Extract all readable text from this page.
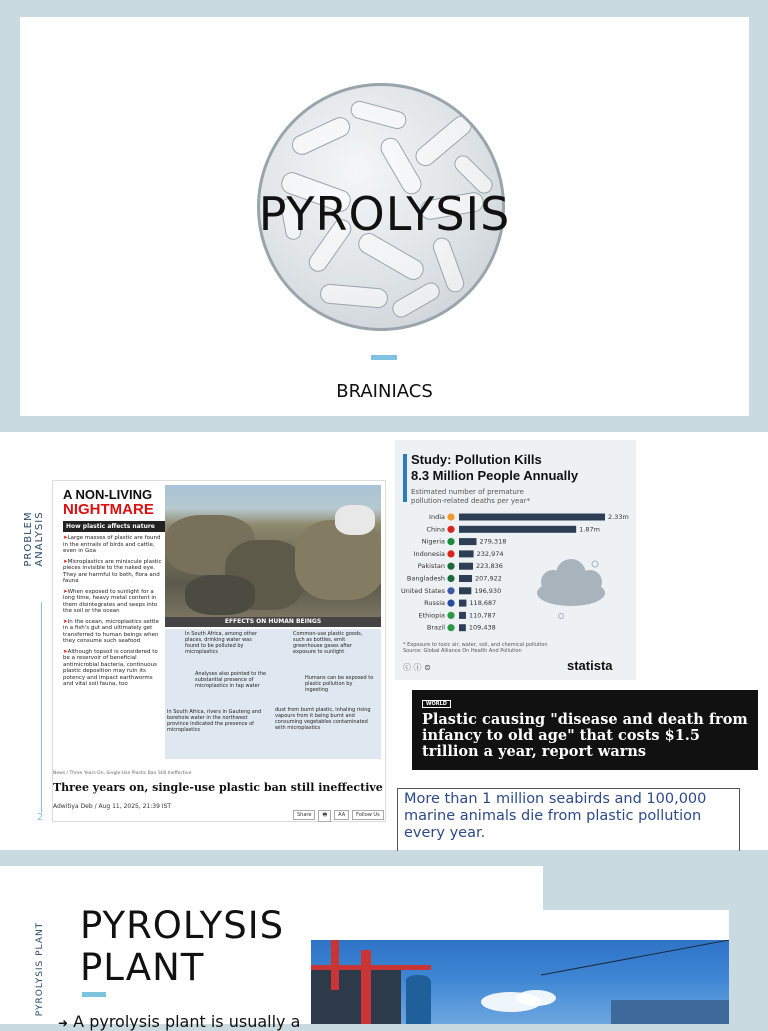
PYROLYSIS
BRAINIACS
PROBLEM ANALYSIS
2
A NON-LIVING
NIGHTMARE
How plastic affects nature
➤Large masses of plastic are found in the entrails of birds and cattle, even in Goa
➤Microplastics are miniscule plastic pieces invisible to the naked eye. They are harmful to both, flora and fauna
➤When exposed to sunlight for a long time, heavy metal content in them disintegrates and seeps into the soil or the ocean
➤In the ocean, microplastics settle in a fish's gut and ultimately get transferred to human beings when they consume such seafood
➤Although topsoil is considered to be a reservoir of beneficial antimicrobial bacteria, continuous plastic deposition may ruin its potency and impact earthworms and vital soil fauna, too
EFFECTS ON HUMAN BEINGS
In South Africa, among other places, drinking water was found to be polluted by microplastics
Common-use plastic goods, such as bottles, emit greenhouse gases after exposure to sunlight
Analyses also pointed to the substantial presence of microplastics in tap water
Humans can be exposed to plastic pollution by ingesting
In South Africa, rivers in Gauteng and borehole water in the northwest province indicated the presence of microplastics
dust from burnt plastic, inhaling rising vapours from it being burnt and consuming vegetables contaminated with microplastics
News / Three Years On, Single-Use Plastic Ban Still Ineffective
Three years on, single-use plastic ban still ineffective
Adwitiya Deb / Aug 11, 2025, 21:39 IST
Share 🖶 AA Follow Us
Study: Pollution Kills
8.3 Million People Annually
Estimated number of premature
pollution-related deaths per year*
India	2.33m
China	1.87m
Nigeria	279,318
Indonesia	232,974
Pakistan	223,836
Bangladesh	207,922
United States	196,930
Russia	118,687
Ethiopia	110,787
Brazil	109,438
* Exposure to toxic air, water, soil, and chemical pollution
Source: Global Alliance On Health And Pollution
ⓒ ⓘ ⊜	statista
WORLD
Plastic causing "disease and death from infancy to old age" that costs $1.5 trillion a year, report warns
More than 1 million seabirds and 100,000 marine animals die from plastic pollution every year.
PYROLYSIS PLANT PYROLYSIS
PLANT
➜ A pyrolysis plant is usually a
